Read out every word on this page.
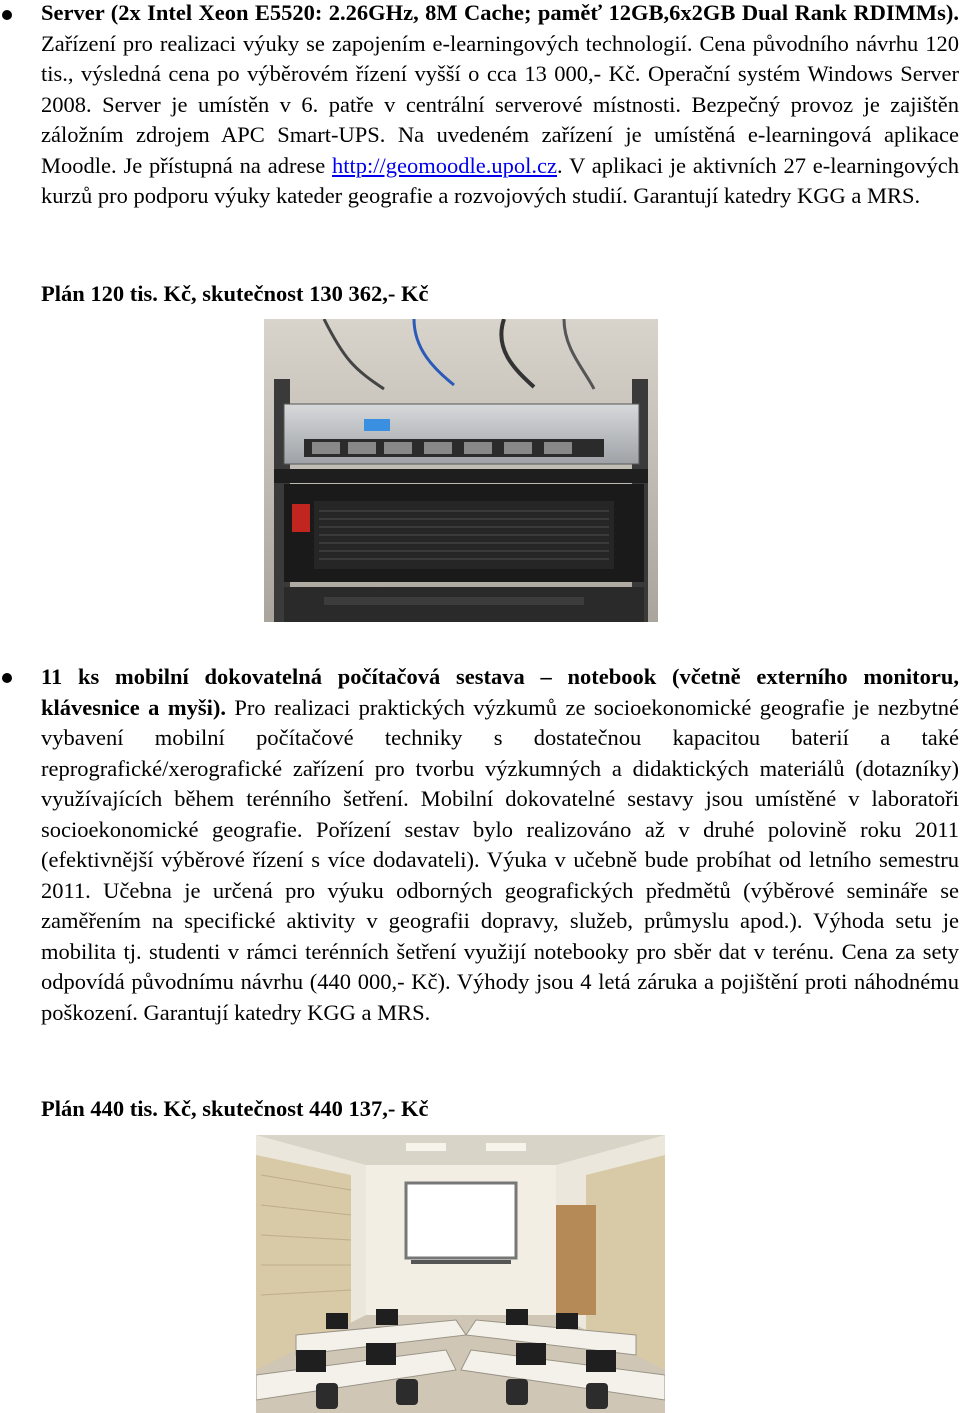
Server (2x Intel Xeon E5520: 2.26GHz, 8M Cache; paměť 12GB,6x2GB Dual Rank RDIMMs). Zařízení pro realizaci výuky se zapojením e-learningových technologií. Cena původního návrhu 120 tis., výsledná cena po výběrovém řízení vyšší o cca 13 000,- Kč. Operační systém Windows Server 2008. Server je umístěn v 6. patře v centrální serverové místnosti. Bezpečný provoz je zajištěn záložním zdrojem APC Smart-UPS. Na uvedeném zařízení je umístěná e-learningová aplikace Moodle. Je přístupná na adrese http://geomoodle.upol.cz. V aplikaci je aktivních 27 e-learningových kurzů pro podporu výuky kateder geografie a rozvojových studií. Garantují katedry KGG a MRS.
Plán 120 tis. Kč, skutečnost 130 362,- Kč
11 ks mobilní dokovatelná počítačová sestava – notebook (včetně externího monitoru, klávesnice a myši). Pro realizaci praktických výzkumů ze socioekonomické geografie je nezbytné vybavení mobilní počítačové techniky s dostatečnou kapacitou baterií a také reprografické/xerografické zařízení pro tvorbu výzkumných a didaktických materiálů (dotazníky) využívajících během terénního šetření. Mobilní dokovatelné sestavy jsou umístěné v laboratoři socioekonomické geografie. Pořízení sestav bylo realizováno až v druhé polovině roku 2011 (efektivnější výběrové řízení s více dodavateli). Výuka v učebně bude probíhat od letního semestru 2011. Učebna je určená pro výuku odborných geografických předmětů (výběrové semináře se zaměřením na specifické aktivity v geografii dopravy, služeb, průmyslu apod.). Výhoda setu je mobilita tj. studenti v rámci terénních šetření využijí notebooky pro sběr dat v terénu. Cena za sety odpovídá původnímu návrhu (440 000,- Kč). Výhody jsou 4 letá záruka a pojištění proti náhodnému poškození. Garantují katedry KGG a MRS.
Plán 440 tis. Kč, skutečnost 440 137,- Kč
